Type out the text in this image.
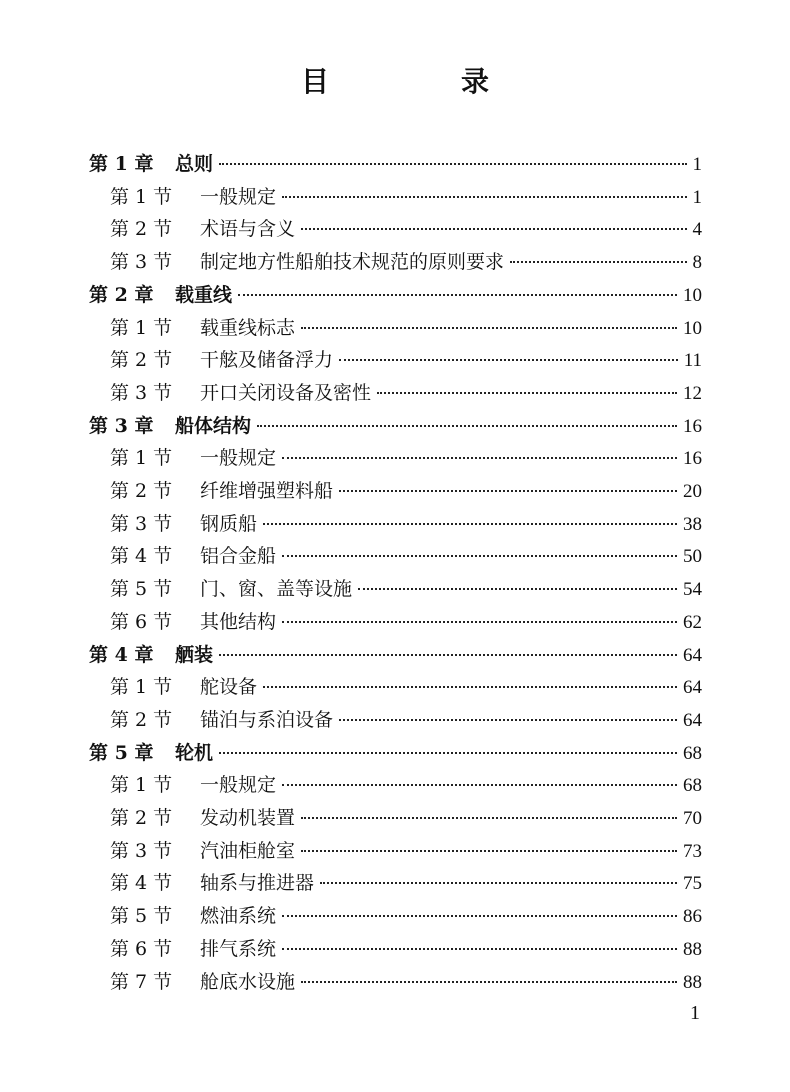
目　录
第 1 章	总则	1
第 1 节	一般规定	1
第 2 节	术语与含义	4
第 3 节	制定地方性船舶技术规范的原则要求	8
第 2 章	载重线	10
第 1 节	载重线标志	10
第 2 节	干舷及储备浮力	11
第 3 节	开口关闭设备及密性	12
第 3 章	船体结构	16
第 1 节	一般规定	16
第 2 节	纤维增强塑料船	20
第 3 节	钢质船	38
第 4 节	铝合金船	50
第 5 节	门、窗、盖等设施	54
第 6 节	其他结构	62
第 4 章	舾装	64
第 1 节	舵设备	64
第 2 节	锚泊与系泊设备	64
第 5 章	轮机	68
第 1 节	一般规定	68
第 2 节	发动机装置	70
第 3 节	汽油柜舱室	73
第 4 节	轴系与推进器	75
第 5 节	燃油系统	86
第 6 节	排气系统	88
第 7 节	舱底水设施	88
1
